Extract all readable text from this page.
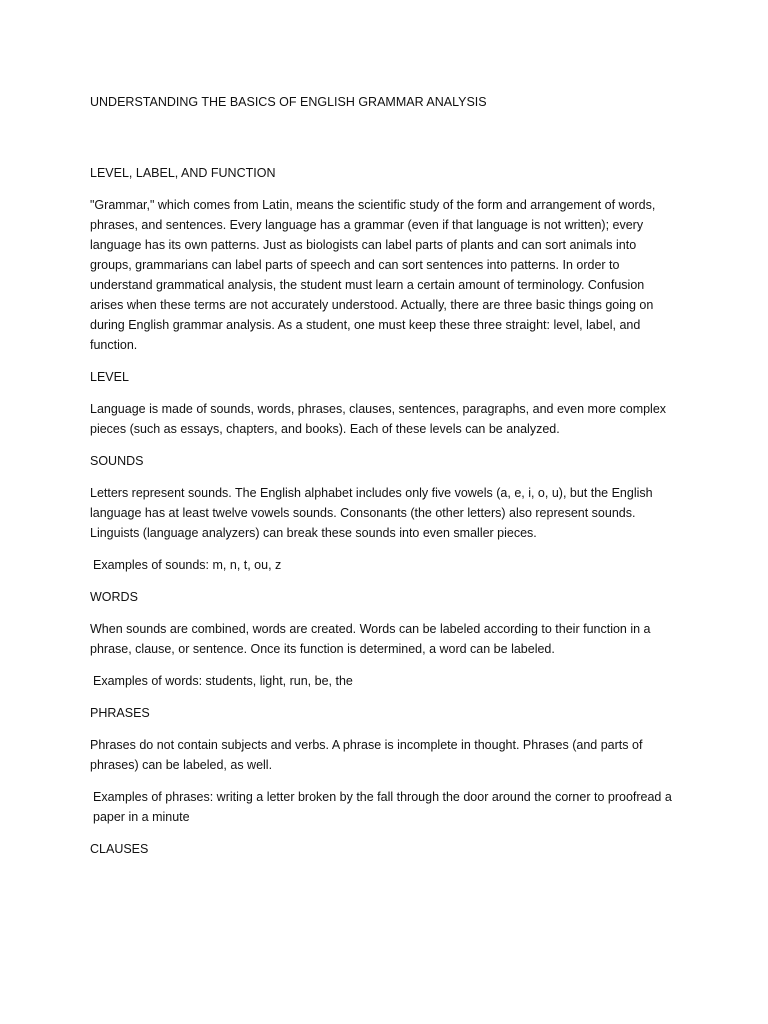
UNDERSTANDING THE BASICS OF ENGLISH GRAMMAR ANALYSIS
LEVEL, LABEL, AND FUNCTION

"Grammar," which comes from Latin, means the scientific study of the form and arrangement of words, phrases, and sentences. Every language has a grammar (even if that language is not written); every language has its own patterns. Just as biologists can label parts of plants and can sort animals into groups, grammarians can label parts of speech and can sort sentences into patterns. In order to understand grammatical analysis, the student must learn a certain amount of terminology. Confusion arises when these terms are not accurately understood. Actually, there are three basic things going on during English grammar analysis. As a student, one must keep these three straight: level, label, and function.

LEVEL

Language is made of sounds, words, phrases, clauses, sentences, paragraphs, and even more complex pieces (such as essays, chapters, and books). Each of these levels can be analyzed.

SOUNDS

Letters represent sounds. The English alphabet includes only five vowels (a, e, i, o, u), but the English language has at least twelve vowels sounds. Consonants (the other letters) also represent sounds. Linguists (language analyzers) can break these sounds into even smaller pieces.

Examples of sounds: m, n, t, ou, z

WORDS

When sounds are combined, words are created. Words can be labeled according to their function in a phrase, clause, or sentence. Once its function is determined, a word can be labeled.

Examples of words: students, light, run, be, the

PHRASES

Phrases do not contain subjects and verbs. A phrase is incomplete in thought. Phrases (and parts of phrases) can be labeled, as well.

Examples of phrases: writing a letter broken by the fall through the door around the corner to proofread a paper in a minute

CLAUSES
